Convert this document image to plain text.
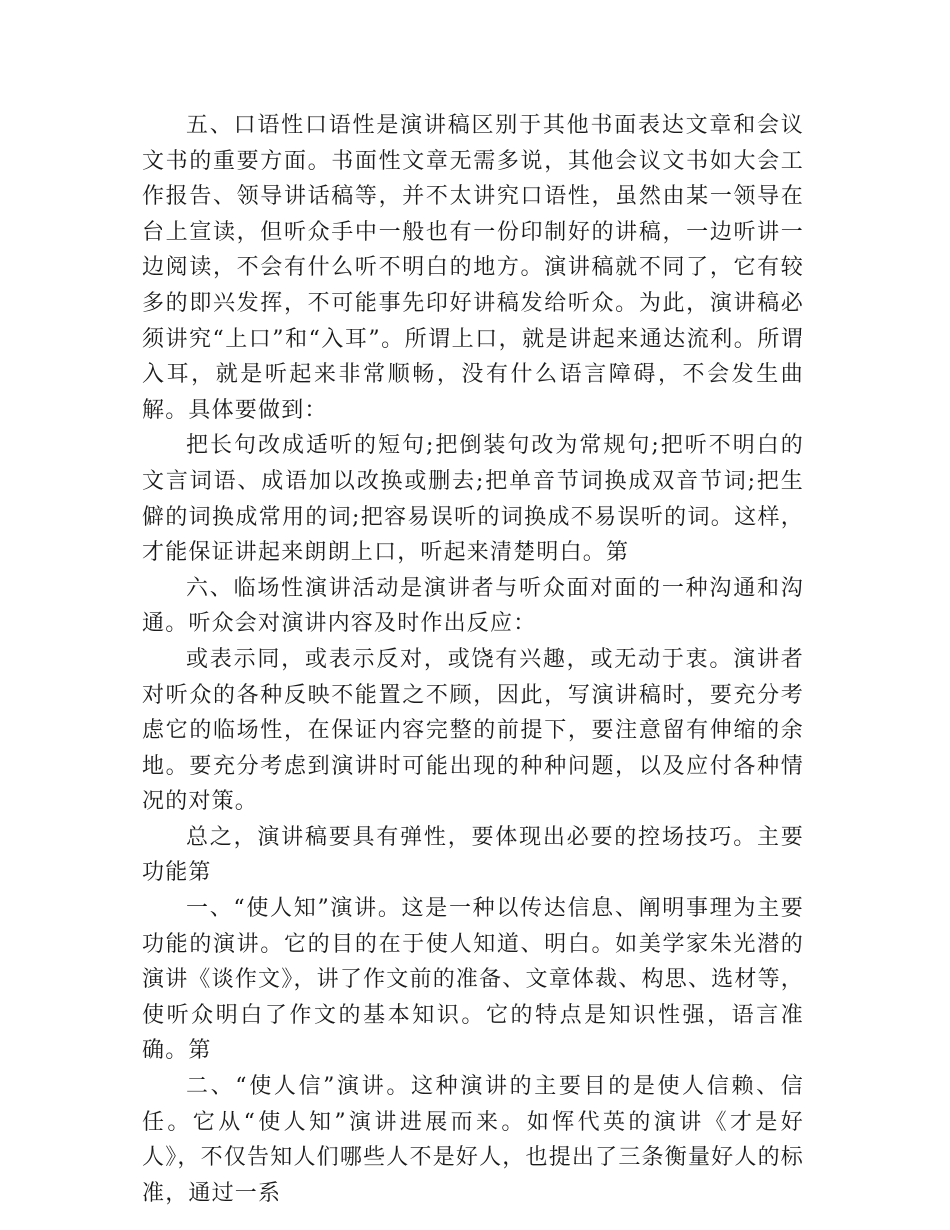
五、口语性口语性是演讲稿区别于其他书面表达文章和会议文书的重要方面。书面性文章无需多说，其他会议文书如大会工作报告、领导讲话稿等，并不太讲究口语性，虽然由某一领导在台上宣读，但听众手中一般也有一份印制好的讲稿，一边听讲一边阅读，不会有什么听不明白的地方。演讲稿就不同了，它有较多的即兴发挥，不可能事先印好讲稿发给听众。为此，演讲稿必须讲究“上口”和“入耳”。所谓上口，就是讲起来通达流利。所谓入耳，就是听起来非常顺畅，没有什么语言障碍，不会发生曲解。具体要做到：

把长句改成适听的短句;把倒装句改为常规句;把听不明白的文言词语、成语加以改换或删去;把单音节词换成双音节词;把生僻的词换成常用的词;把容易误听的词换成不易误听的词。这样，才能保证讲起来朗朗上口，听起来清楚明白。第

六、临场性演讲活动是演讲者与听众面对面的一种沟通和沟通。听众会对演讲内容及时作出反应：

或表示同，或表示反对，或饶有兴趣，或无动于衷。演讲者对听众的各种反映不能置之不顾，因此，写演讲稿时，要充分考虑它的临场性，在保证内容完整的前提下，要注意留有伸缩的余地。要充分考虑到演讲时可能出现的种种问题，以及应付各种情况的对策。

总之，演讲稿要具有弹性，要体现出必要的控场技巧。主要功能第

一、“使人知”演讲。这是一种以传达信息、阐明事理为主要功能的演讲。它的目的在于使人知道、明白。如美学家朱光潜的演讲《谈作文》，讲了作文前的准备、文章体裁、构思、选材等，使听众明白了作文的基本知识。它的特点是知识性强，语言准确。第

二、“使人信”演讲。这种演讲的主要目的是使人信赖、信任。它从“使人知”演讲进展而来。如恽代英的演讲《才是好人》，不仅告知人们哪些人不是好人，也提出了三条衡量好人的标准，通过一系
